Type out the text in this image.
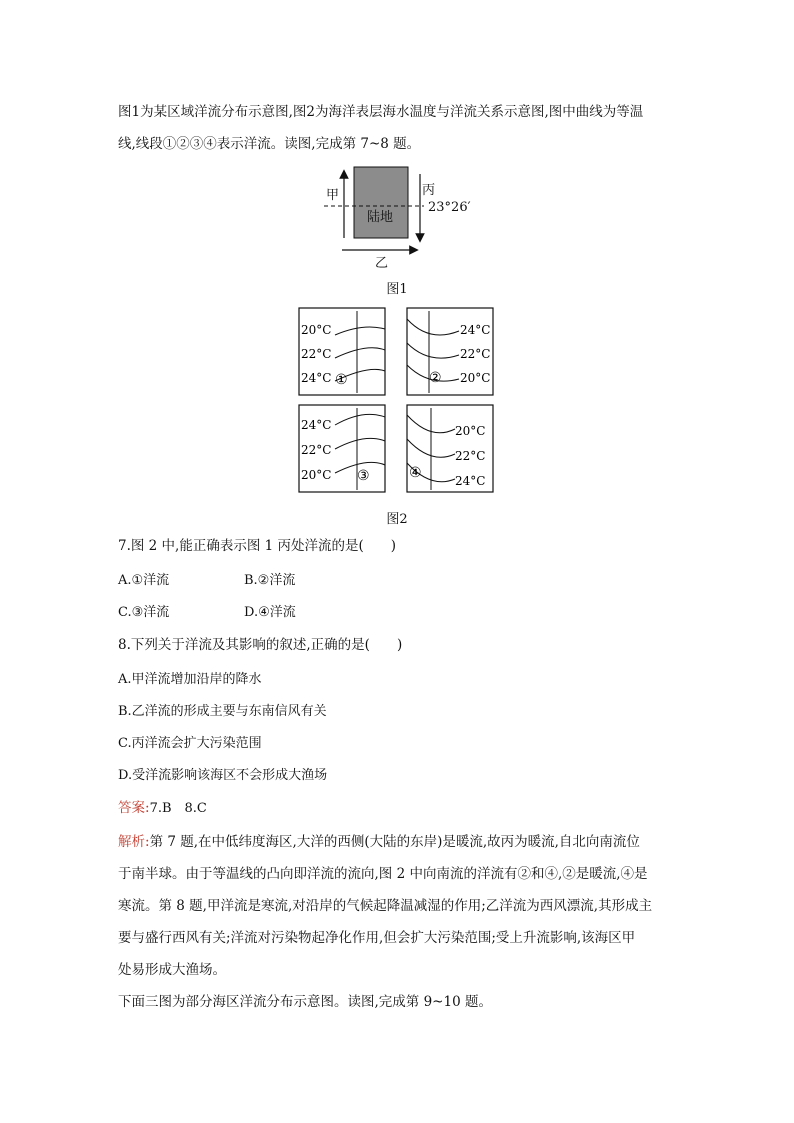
图1为某区域洋流分布示意图,图2为海洋表层海水温度与洋流关系示意图,图中曲线为等温
线,线段①②③④表示洋流。读图,完成第 7~8 题。
陆地
23°26′
甲	丙
乙
图1
20°C
22°C
24°C ①
24°C
22°C
20°C
②
24°C
22°C
20°C ③
20°C
22°C
24°C
④
图2
7.图 2 中,能正确表示图 1 丙处洋流的是(　　)
A.①洋流	B.②洋流
C.③洋流	D.④洋流
8.下列关于洋流及其影响的叙述,正确的是(　　)
A.甲洋流增加沿岸的降水
B.乙洋流的形成主要与东南信风有关
C.丙洋流会扩大污染范围
D.受洋流影响该海区不会形成大渔场
答案:7.B　8.C
解析:第 7 题,在中低纬度海区,大洋的西侧(大陆的东岸)是暖流,故丙为暖流,自北向南流位
于南半球。由于等温线的凸向即洋流的流向,图 2 中向南流的洋流有②和④,②是暖流,④是
寒流。第 8 题,甲洋流是寒流,对沿岸的气候起降温减湿的作用;乙洋流为西风漂流,其形成主
要与盛行西风有关;洋流对污染物起净化作用,但会扩大污染范围;受上升流影响,该海区甲
处易形成大渔场。
下面三图为部分海区洋流分布示意图。读图,完成第 9~10 题。
